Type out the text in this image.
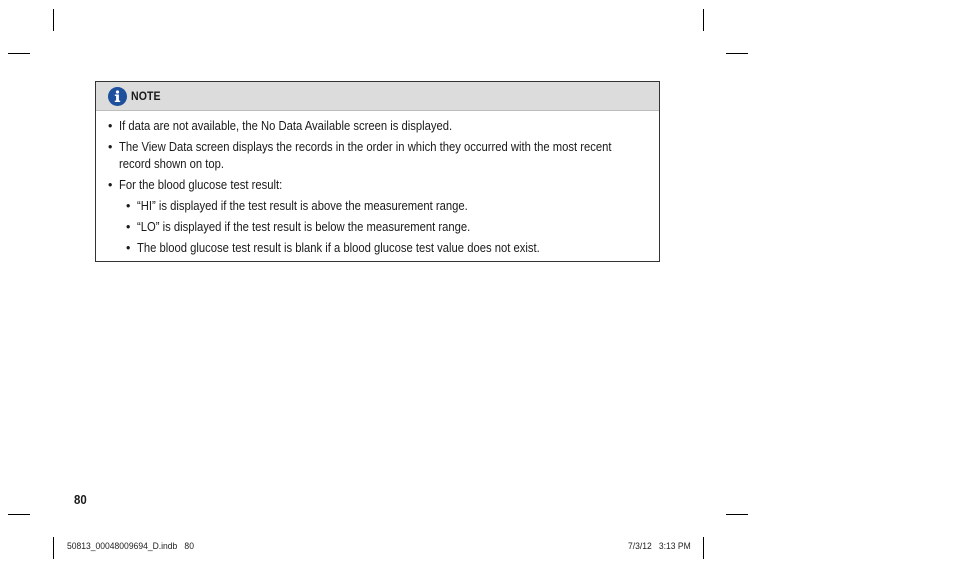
NOTE
• If data are not available, the No Data Available screen is displayed.
• The View Data screen displays the records in the order in which they occurred with the most recent record shown on top.
• For the blood glucose test result:
• “HI” is displayed if the test result is above the measurement range.
• “LO” is displayed if the test result is below the measurement range.
• The blood glucose test result is blank if a blood glucose test value does not exist.
80
50813_00048009694_D.indb   80	7/3/12   3:13 PM
